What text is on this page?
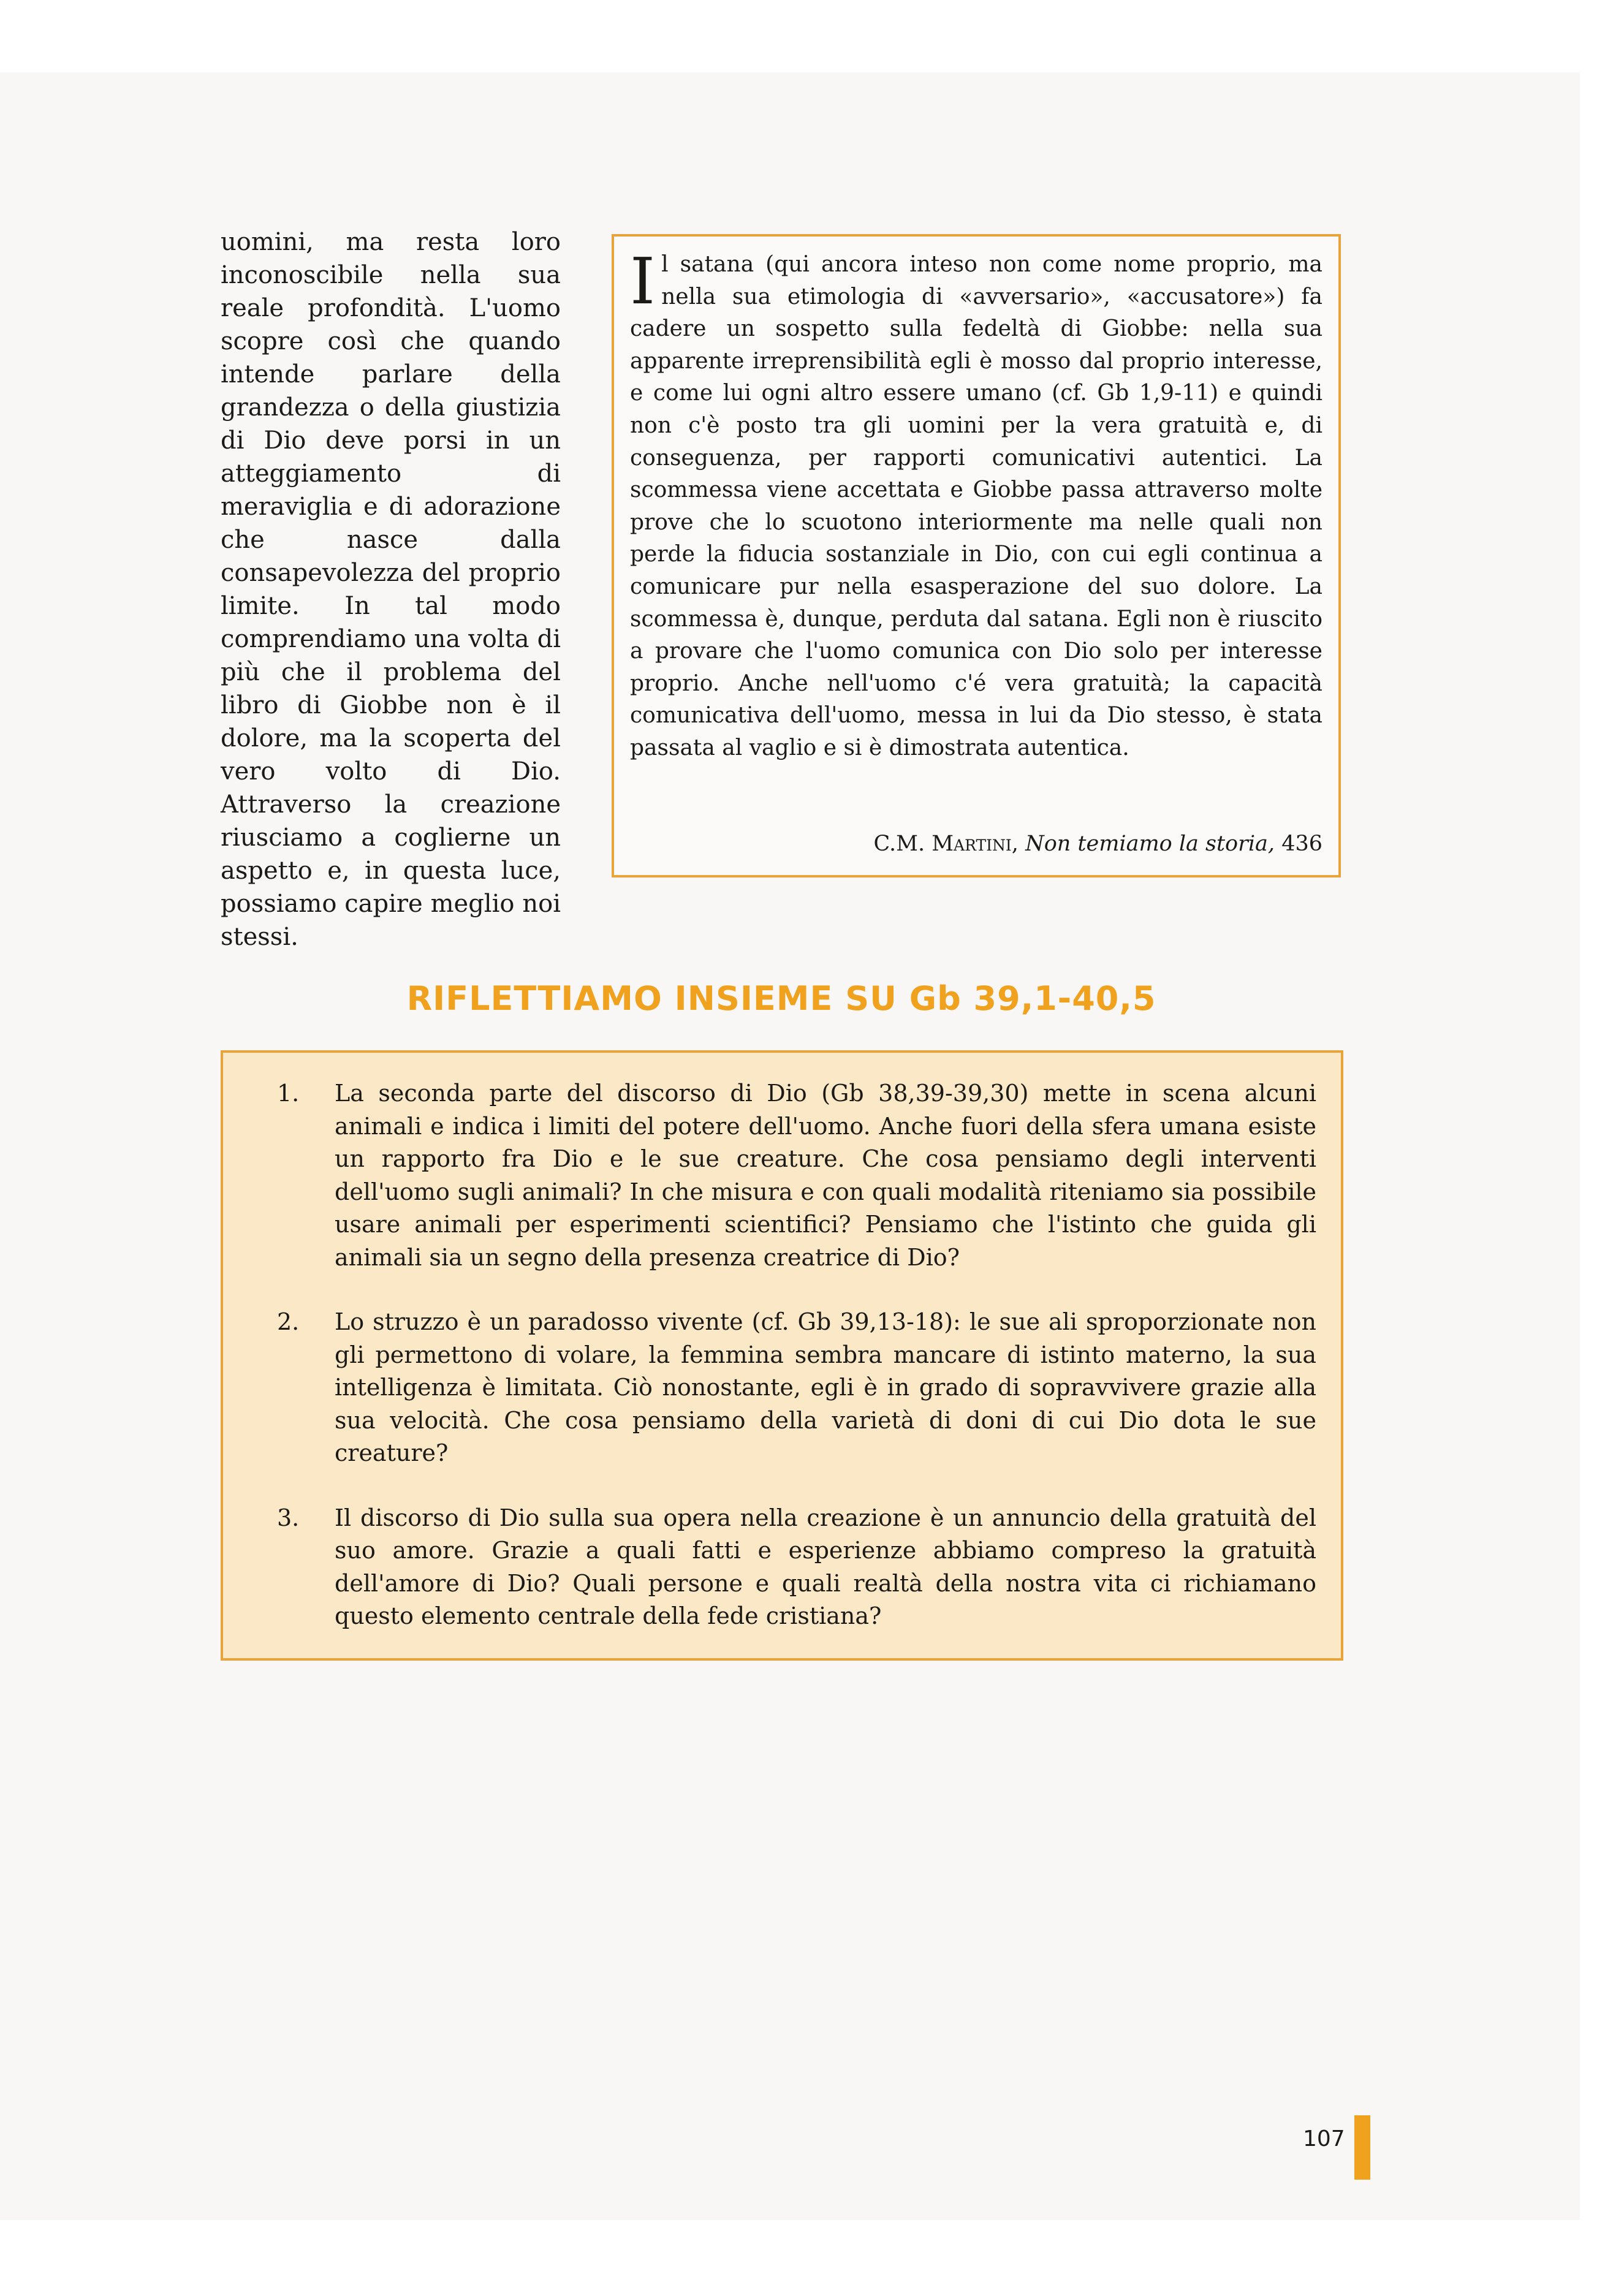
uomini, ma resta loro inconoscibile nella sua reale profondità. L'uomo scopre così che quando intende parlare della grandezza o della giustizia di Dio deve porsi in un atteggiamento di meraviglia e di adorazione che nasce dalla consapevolezza del proprio limite. In tal modo comprendiamo una volta di più che il problema del libro di Giobbe non è il dolore, ma la scoperta del vero volto di Dio. Attraverso la creazione riusciamo a coglierne un aspetto e, in questa luce, possiamo capire meglio noi stessi.

Il satana (qui ancora inteso non come nome proprio, ma nella sua etimologia di «avversario», «accusatore») fa cadere un sospetto sulla fedeltà di Giobbe: nella sua apparente irreprensibilità egli è mosso dal proprio interesse, e come lui ogni altro essere umano (cf. Gb 1,9-11) e quindi non c'è posto tra gli uomini per la vera gratuità e, di conseguenza, per rapporti comunicativi autentici. La scommessa viene accettata e Giobbe passa attraverso molte prove che lo scuotono interiormente ma nelle quali non perde la fiducia sostanziale in Dio, con cui egli continua a comunicare pur nella esasperazione del suo dolore. La scommessa è, dunque, perduta dal satana. Egli non è riuscito a provare che l'uomo comunica con Dio solo per interesse proprio. Anche nell'uomo c'é vera gratuità; la capacità comunicativa dell'uomo, messa in lui da Dio stesso, è stata passata al vaglio e si è dimostrata autentica.

C.M. Martini, Non temiamo la storia, 436
RIFLETTIAMO INSIEME SU Gb 39,1-40,5
1. La seconda parte del discorso di Dio (Gb 38,39-39,30) mette in scena alcuni animali e indica i limiti del potere dell'uomo. Anche fuori della sfera umana esiste un rapporto fra Dio e le sue creature. Che cosa pensiamo degli interventi dell'uomo sugli animali? In che misura e con quali modalità riteniamo sia possibile usare animali per esperimenti scientifici? Pensiamo che l'istinto che guida gli animali sia un segno della presenza creatrice di Dio?

2. Lo struzzo è un paradosso vivente (cf. Gb 39,13-18): le sue ali sproporzionate non gli permettono di volare, la femmina sembra mancare di istinto materno, la sua intelligenza è limitata. Ciò nonostante, egli è in grado di sopravvivere grazie alla sua velocità. Che cosa pensiamo della varietà di doni di cui Dio dota le sue creature?

3. Il discorso di Dio sulla sua opera nella creazione è un annuncio della gratuità del suo amore. Grazie a quali fatti e esperienze abbiamo compreso la gratuità dell'amore di Dio? Quali persone e quali realtà della nostra vita ci richiamano questo elemento centrale della fede cristiana?

107
